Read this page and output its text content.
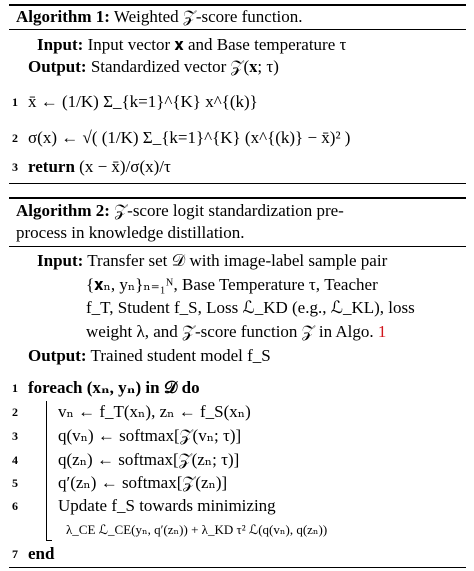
Algorithm 1: Weighted 𝒵-score function.
Input: Input vector 𝐱 and Base temperature τ
Output: Standardized vector 𝒵(𝐱; τ)
1 x̄ ← (1/K) Σ_{k=1}^{K} x^{(k)}
2 σ(x) ← √( (1/K) Σ_{k=1}^{K} (x^{(k)} − x̄)² )
3 return (x − x̄)/σ(x)/τ
Algorithm 2: 𝒵-score logit standardization pre-
process in knowledge distillation.
Input: Transfer set 𝒟 with image-label sample pair
{𝐱ₙ, yₙ}ₙ₌₁ᴺ, Base Temperature τ, Teacher
f_T, Student f_S, Loss ℒ_KD (e.g., ℒ_KL), loss
weight λ, and 𝒵-score function 𝒵 in Algo. 1
Output: Trained student model f_S
1 foreach (xₙ, yₙ) in 𝒟 do
2	vₙ ← f_T(xₙ), zₙ ← f_S(xₙ)
3	q(vₙ) ← softmax[𝒵(vₙ; τ)]
4	q(zₙ) ← softmax[𝒵(zₙ; τ)]
5	q′(zₙ) ← softmax[𝒵(zₙ)]
6	Update f_S towards minimizing
λ_CE ℒ_CE(yₙ, q′(zₙ)) + λ_KD τ² ℒ(q(vₙ), q(zₙ))
7 end
